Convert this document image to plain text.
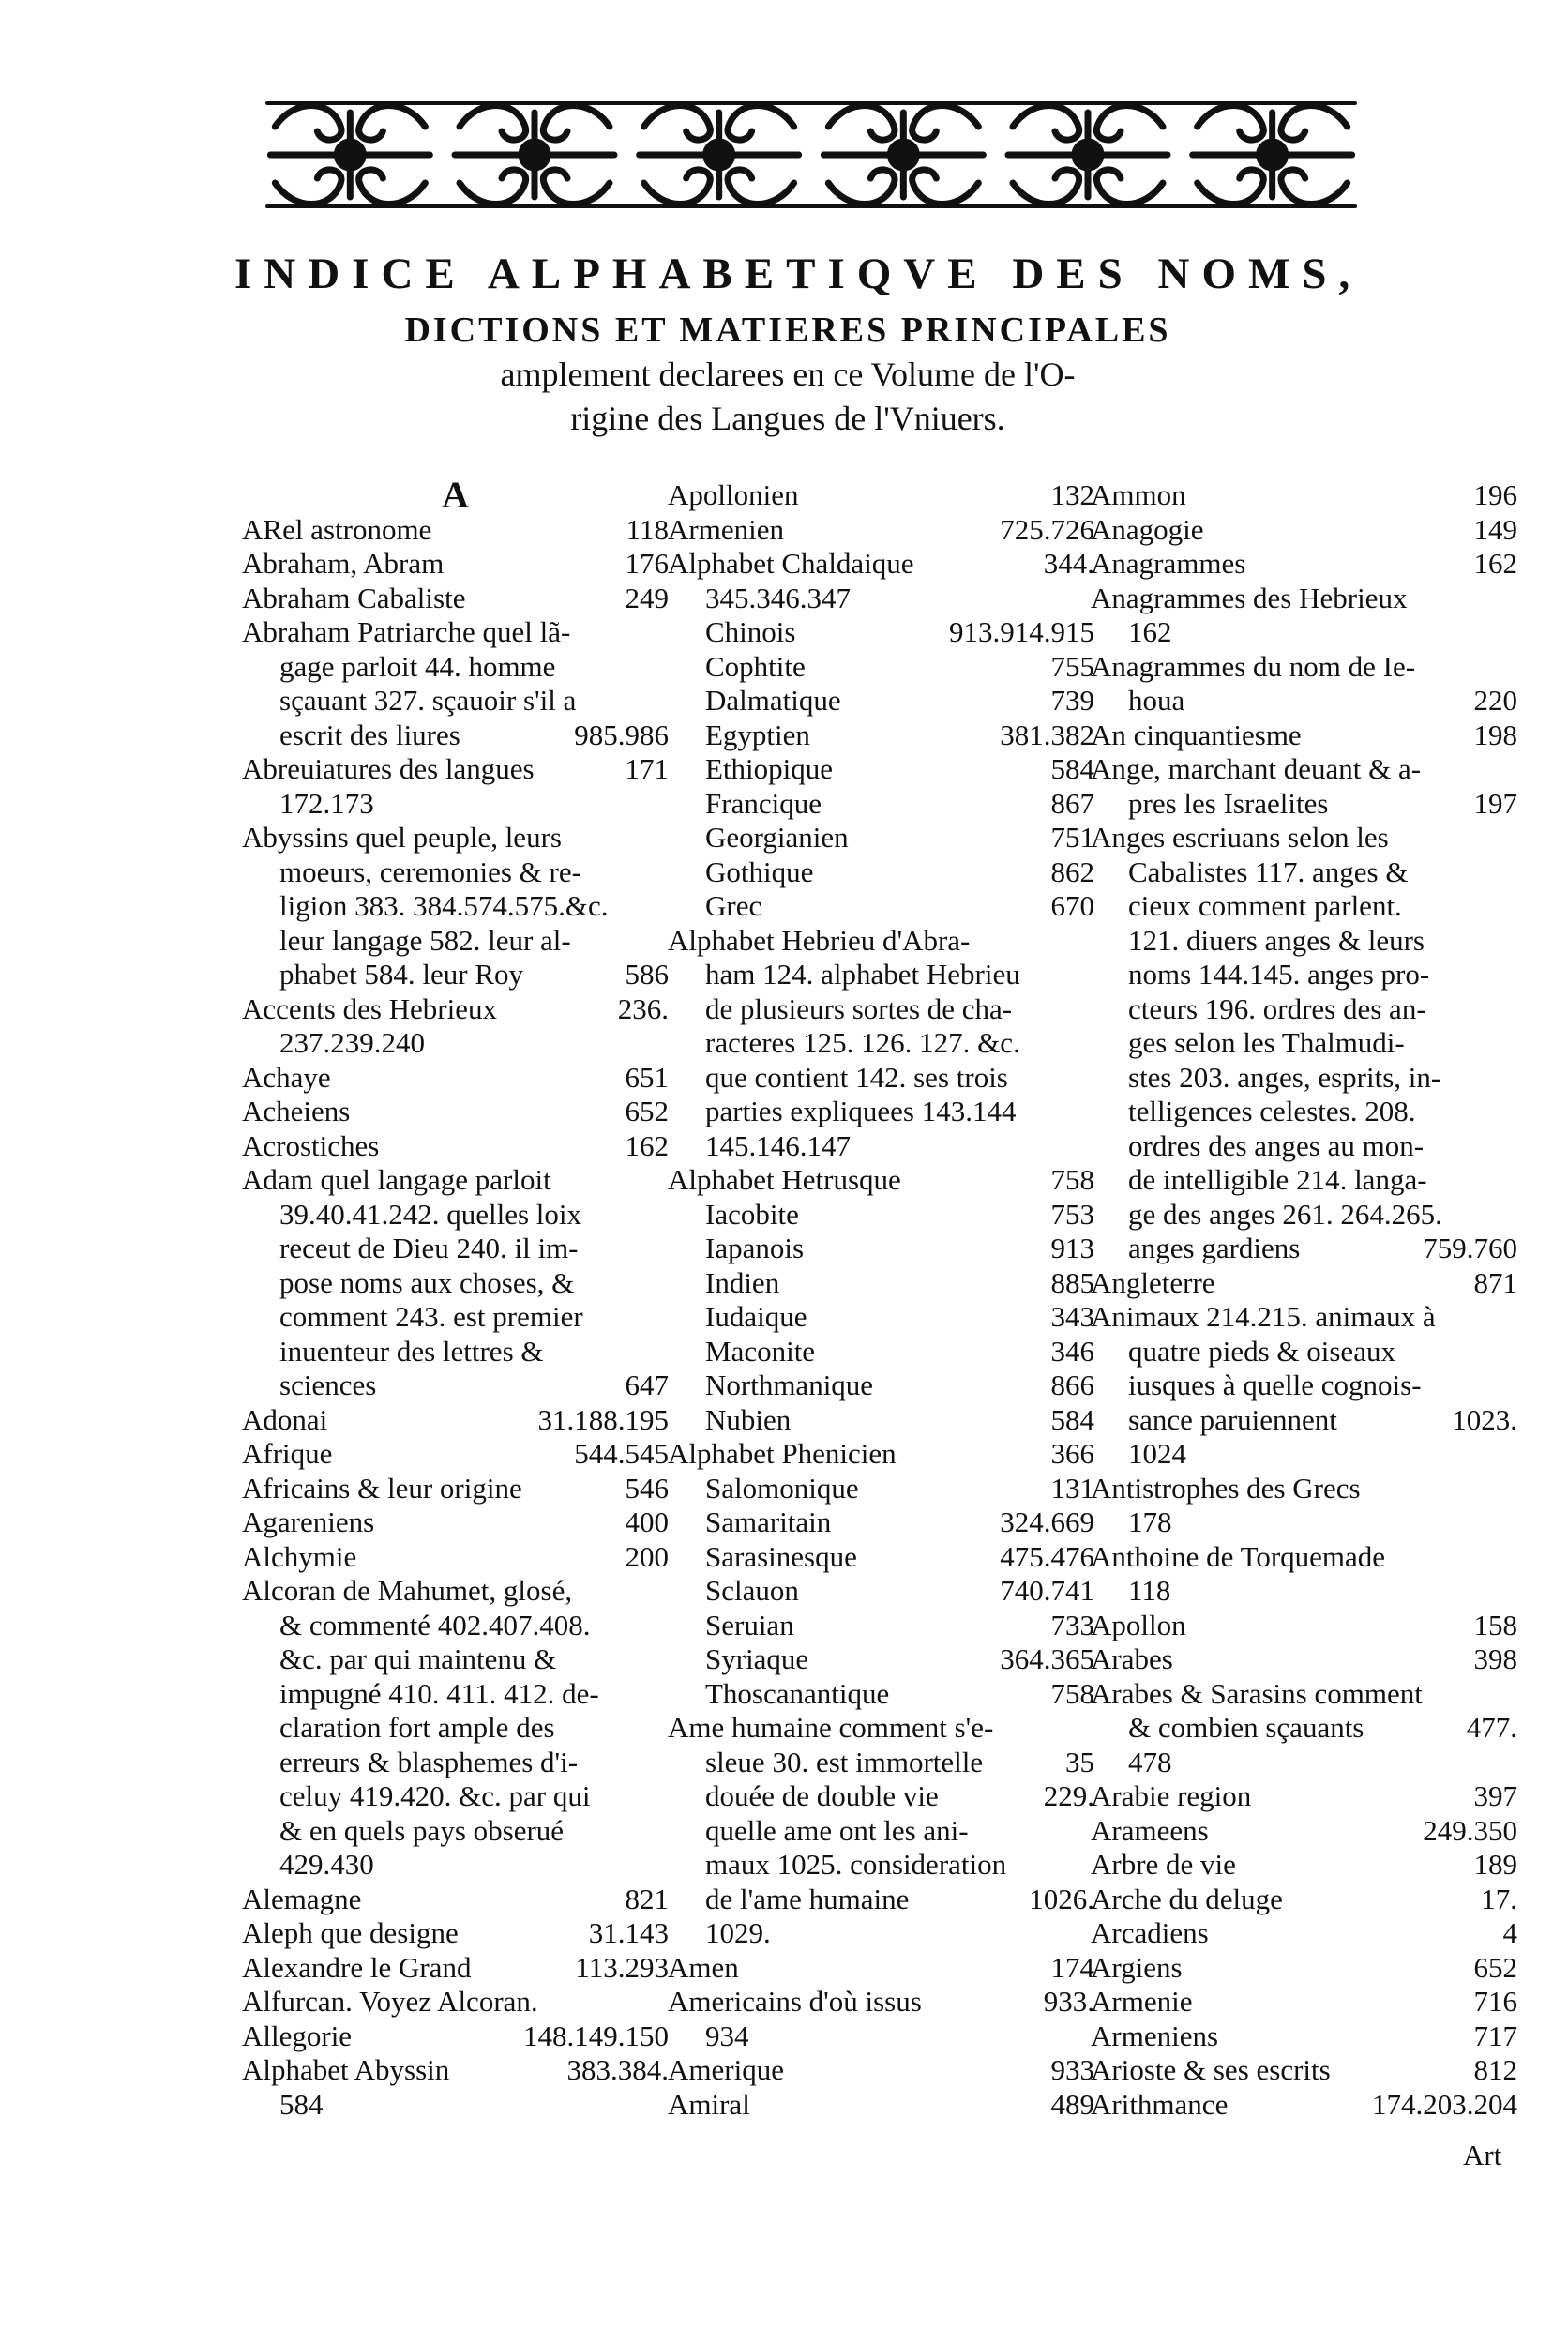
INDICE ALPHABETIQVE DES NOMS,
DICTIONS ET MATIERES PRINCIPALES
amplement declarees en ce Volume de l'O-
rigine des Langues de l'Vniuers.
A
ARel astronome	118
Abraham, Abram	176
Abraham Cabaliste	249
Abraham Patriarche quel lã-
gage parloit 44. homme
sçauant 327. sçauoir s'il a
escrit des liures	985.986
Abreuiatures des langues	171
172.173
Abyssins quel peuple, leurs
moeurs, ceremonies & re-
ligion 383. 384.574.575.&c.
leur langage 582. leur al-
phabet 584. leur Roy	586
Accents des Hebrieux	236.
237.239.240
Achaye	651
Acheiens	652
Acrostiches	162
Adam quel langage parloit
39.40.41.242. quelles loix
receut de Dieu 240. il im-
pose noms aux choses, &
comment 243. est premier
inuenteur des lettres &
sciences	647
Adonai	31.188.195
Afrique	544.545
Africains & leur origine	546
Agareniens	400
Alchymie	200
Alcoran de Mahumet, glosé,
& commenté 402.407.408.
&c. par qui maintenu &
impugné 410. 411. 412. de-
claration fort ample des
erreurs & blasphemes d'i-
celuy 419.420. &c. par qui
& en quels pays obserué
429.430
Alemagne	821
Aleph que designe	31.143
Alexandre le Grand	113.293
Alfurcan. Voyez Alcoran.
Allegorie	148.149.150
Alphabet Abyssin	383.384.
584
Apollonien	132
Armenien	725.726
Alphabet Chaldaique	344.
345.346.347
Chinois	913.914.915
Cophtite	755
Dalmatique	739
Egyptien	381.382
Ethiopique	584
Francique	867
Georgianien	751
Gothique	862
Grec	670
Alphabet Hebrieu d'Abra-
ham 124. alphabet Hebrieu
de plusieurs sortes de cha-
racteres 125. 126. 127. &c.
que contient 142. ses trois
parties expliquees 143.144
145.146.147
Alphabet Hetrusque	758
Iacobite	753
Iapanois	913
Indien	885
Iudaique	343
Maconite	346
Northmanique	866
Nubien	584
Alphabet Phenicien	366
Salomonique	131
Samaritain	324.669
Sarasinesque	475.476
Sclauon	740.741
Seruian	733
Syriaque	364.365
Thoscanantique	758
Ame humaine comment s'e-
sleue 30. est immortelle	35
douée de double vie	229.
quelle ame ont les ani-
maux 1025. consideration
de l'ame humaine	1026.
1029.
Amen	174
Americains d'où issus	933.
934
Amerique	933
Amiral	489
Ammon	196
Anagogie	149
Anagrammes	162
Anagrammes des Hebrieux
162
Anagrammes du nom de Ie-
houa	220
An cinquantiesme	198
Ange, marchant deuant & a-
pres les Israelites	197
Anges escriuans selon les
Cabalistes 117. anges &
cieux comment parlent.
121. diuers anges & leurs
noms 144.145. anges pro-
cteurs 196. ordres des an-
ges selon les Thalmudi-
stes 203. anges, esprits, in-
telligences celestes. 208.
ordres des anges au mon-
de intelligible 214. langa-
ge des anges 261. 264.265.
anges gardiens	759.760
Angleterre	871
Animaux 214.215. animaux à
quatre pieds & oiseaux
iusques à quelle cognois-
sance paruiennent	1023.
1024
Antistrophes des Grecs
178
Anthoine de Torquemade
118
Apollon	158
Arabes	398
Arabes & Sarasins comment
& combien sçauants	477.
478
Arabie region	397
Arameens	249.350
Arbre de vie	189
Arche du deluge	17.
Arcadiens	4
Argiens	652
Armenie	716
Armeniens	717
Arioste & ses escrits	812
Arithmance	174.203.204
Art
